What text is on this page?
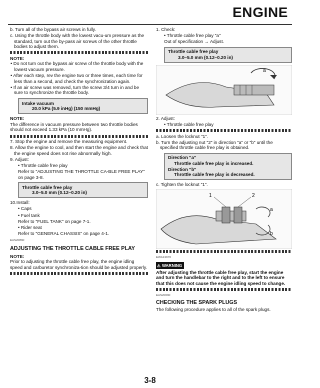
ENGINE
b. Turn all of the bypass air screws in fully.
c. Using the throttle body with the lowest vacu-um pressure as the standard, turn out the by-pass air screws of the other throttle bodies to adjust them.
NOTE:
• Do not turn out the bypass air screw of the throttle body with the lowest vacuum pressure.
• After each step, rev the engine two or three times, each time for less than a second, and check the synchronization again.
• If an air screw was removed, turn the screw 3/4 turn in and be sure to synchronize the throttle body.
Intake vacuum
20.0 kPa (5.9 inHg) (150 mmHg)
NOTE:
The difference in vacuum pressure between two throttle bodies should not exceed 1.33 kPa (10 mmHg).
7. Stop the engine and remove the measuring equipment.
8. Allow the engine to cool, and then start the engine and check that the engine speed does not rise abnormally high.
9. Adjust:
• Throttle cable free play
Refer to "ADJUSTING THE THROTTLE CA-BLE FREE PLAY" on page 3-8.
Throttle cable free play
3.0–5.0 mm (0.12–0.20 in)
10.Install:
• Caps
• Fuel tank
Refer to "FUEL TANK" on page 7-1.
• Rider seat
Refer to "GENERAL CHASSIS" on page 4-1.
EAS20890
ADJUSTING THE THROTTLE CABLE FREE PLAY
NOTE:
Prior to adjusting the throttle cable free play, the engine idling speed and carburetor synchroniza-tion should be adjusted properly.
1. Check:
• Throttle cable free play "a"
Out of specification → Adjust.
Throttle cable free play
3.0–5.0 mm (0.12–0.20 in)
a
2. Adjust:
• Throttle cable free play
a. Loosen the locknut "1".
b. Turn the adjusting nut "2" in direction "a" or "b" until the specified throttle cable free play is obtained.
Direction "a"
Throttle cable free play is increased.
Direction "b"
Throttle cable free play is decreased.
c. Tighten the locknut "1".
1	2
a
b
EWA13970
⚠ WARNING
After adjusting the throttle cable free play, start the engine and turn the handlebar to the right and to the left to ensure that this does not cause the engine idling speed to change.
EAS20690
CHECKING THE SPARK PLUGS
The following procedure applies to all of the spark plugs.
3-8
